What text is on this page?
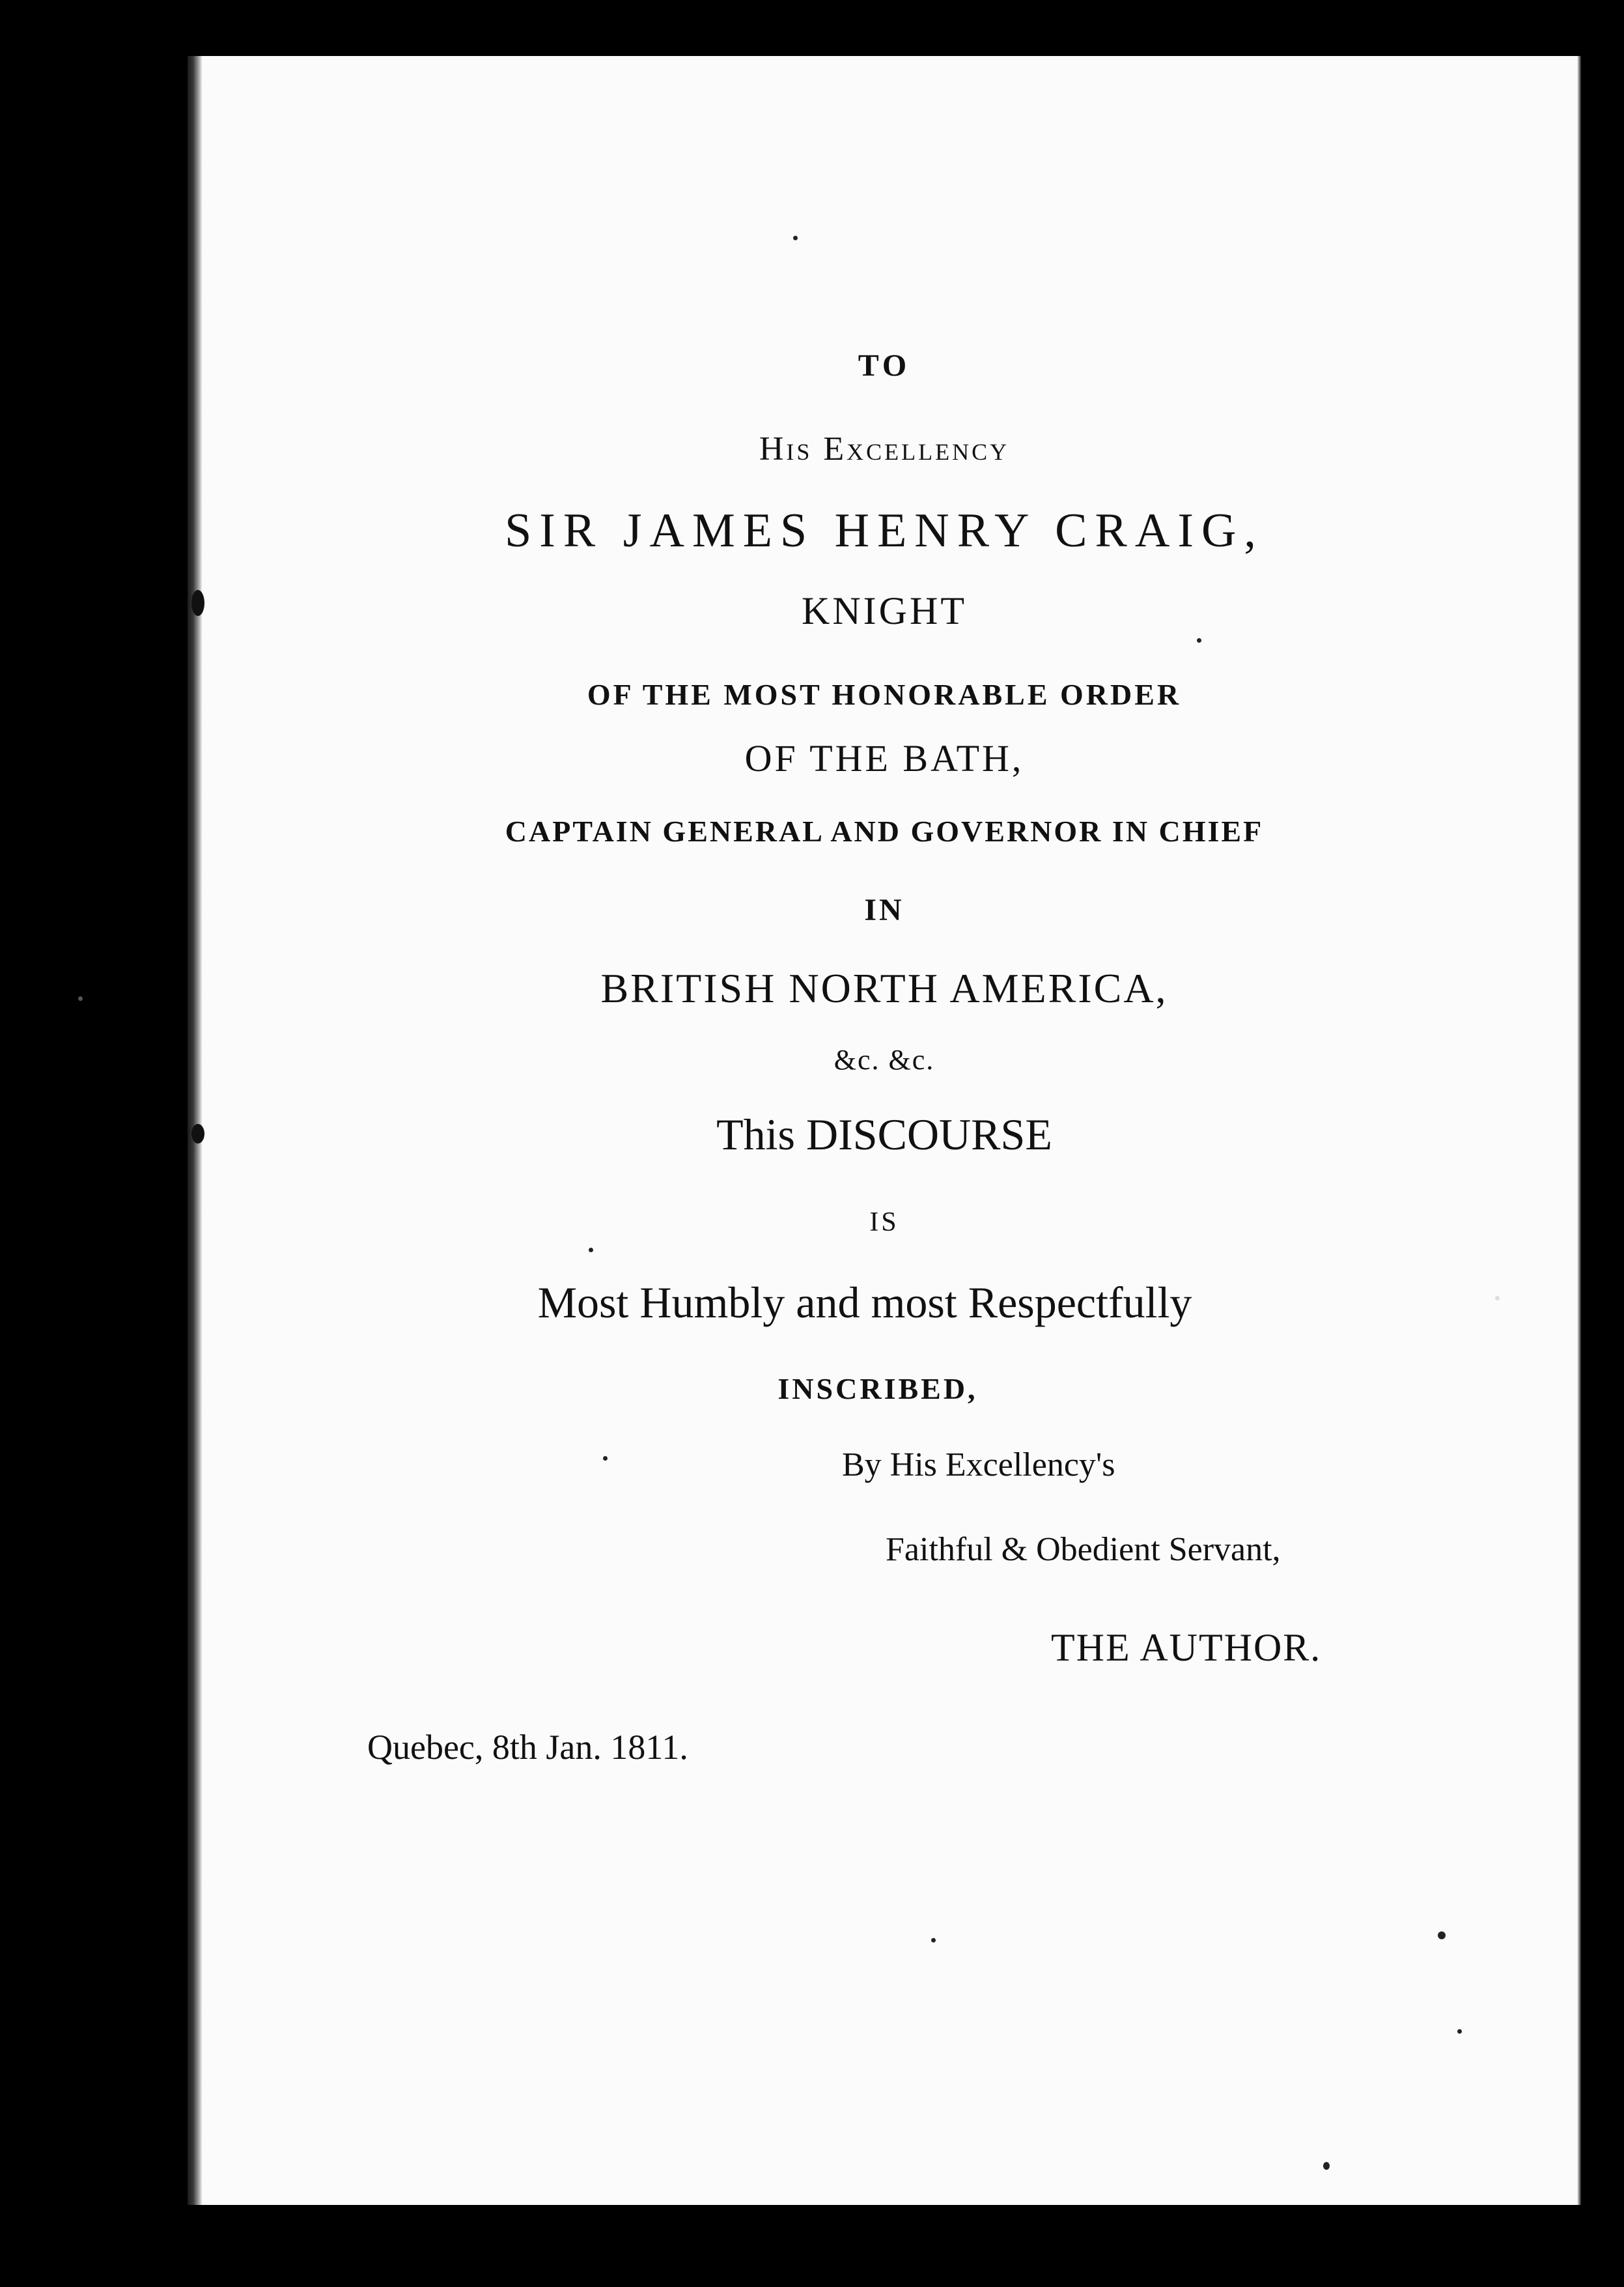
TO
His Excellency
SIR JAMES HENRY CRAIG,
KNIGHT
OF THE MOST HONORABLE ORDER
OF THE BATH,
CAPTAIN GENERAL AND GOVERNOR IN CHIEF
IN
BRITISH NORTH AMERICA,
&c. &c.
This DISCOURSE
IS
Most Humbly and most Respectfully
INSCRIBED,
By His Excellency's
Faithful & Obedient Servant,
THE AUTHOR.
Quebec, 8th Jan. 1811.
